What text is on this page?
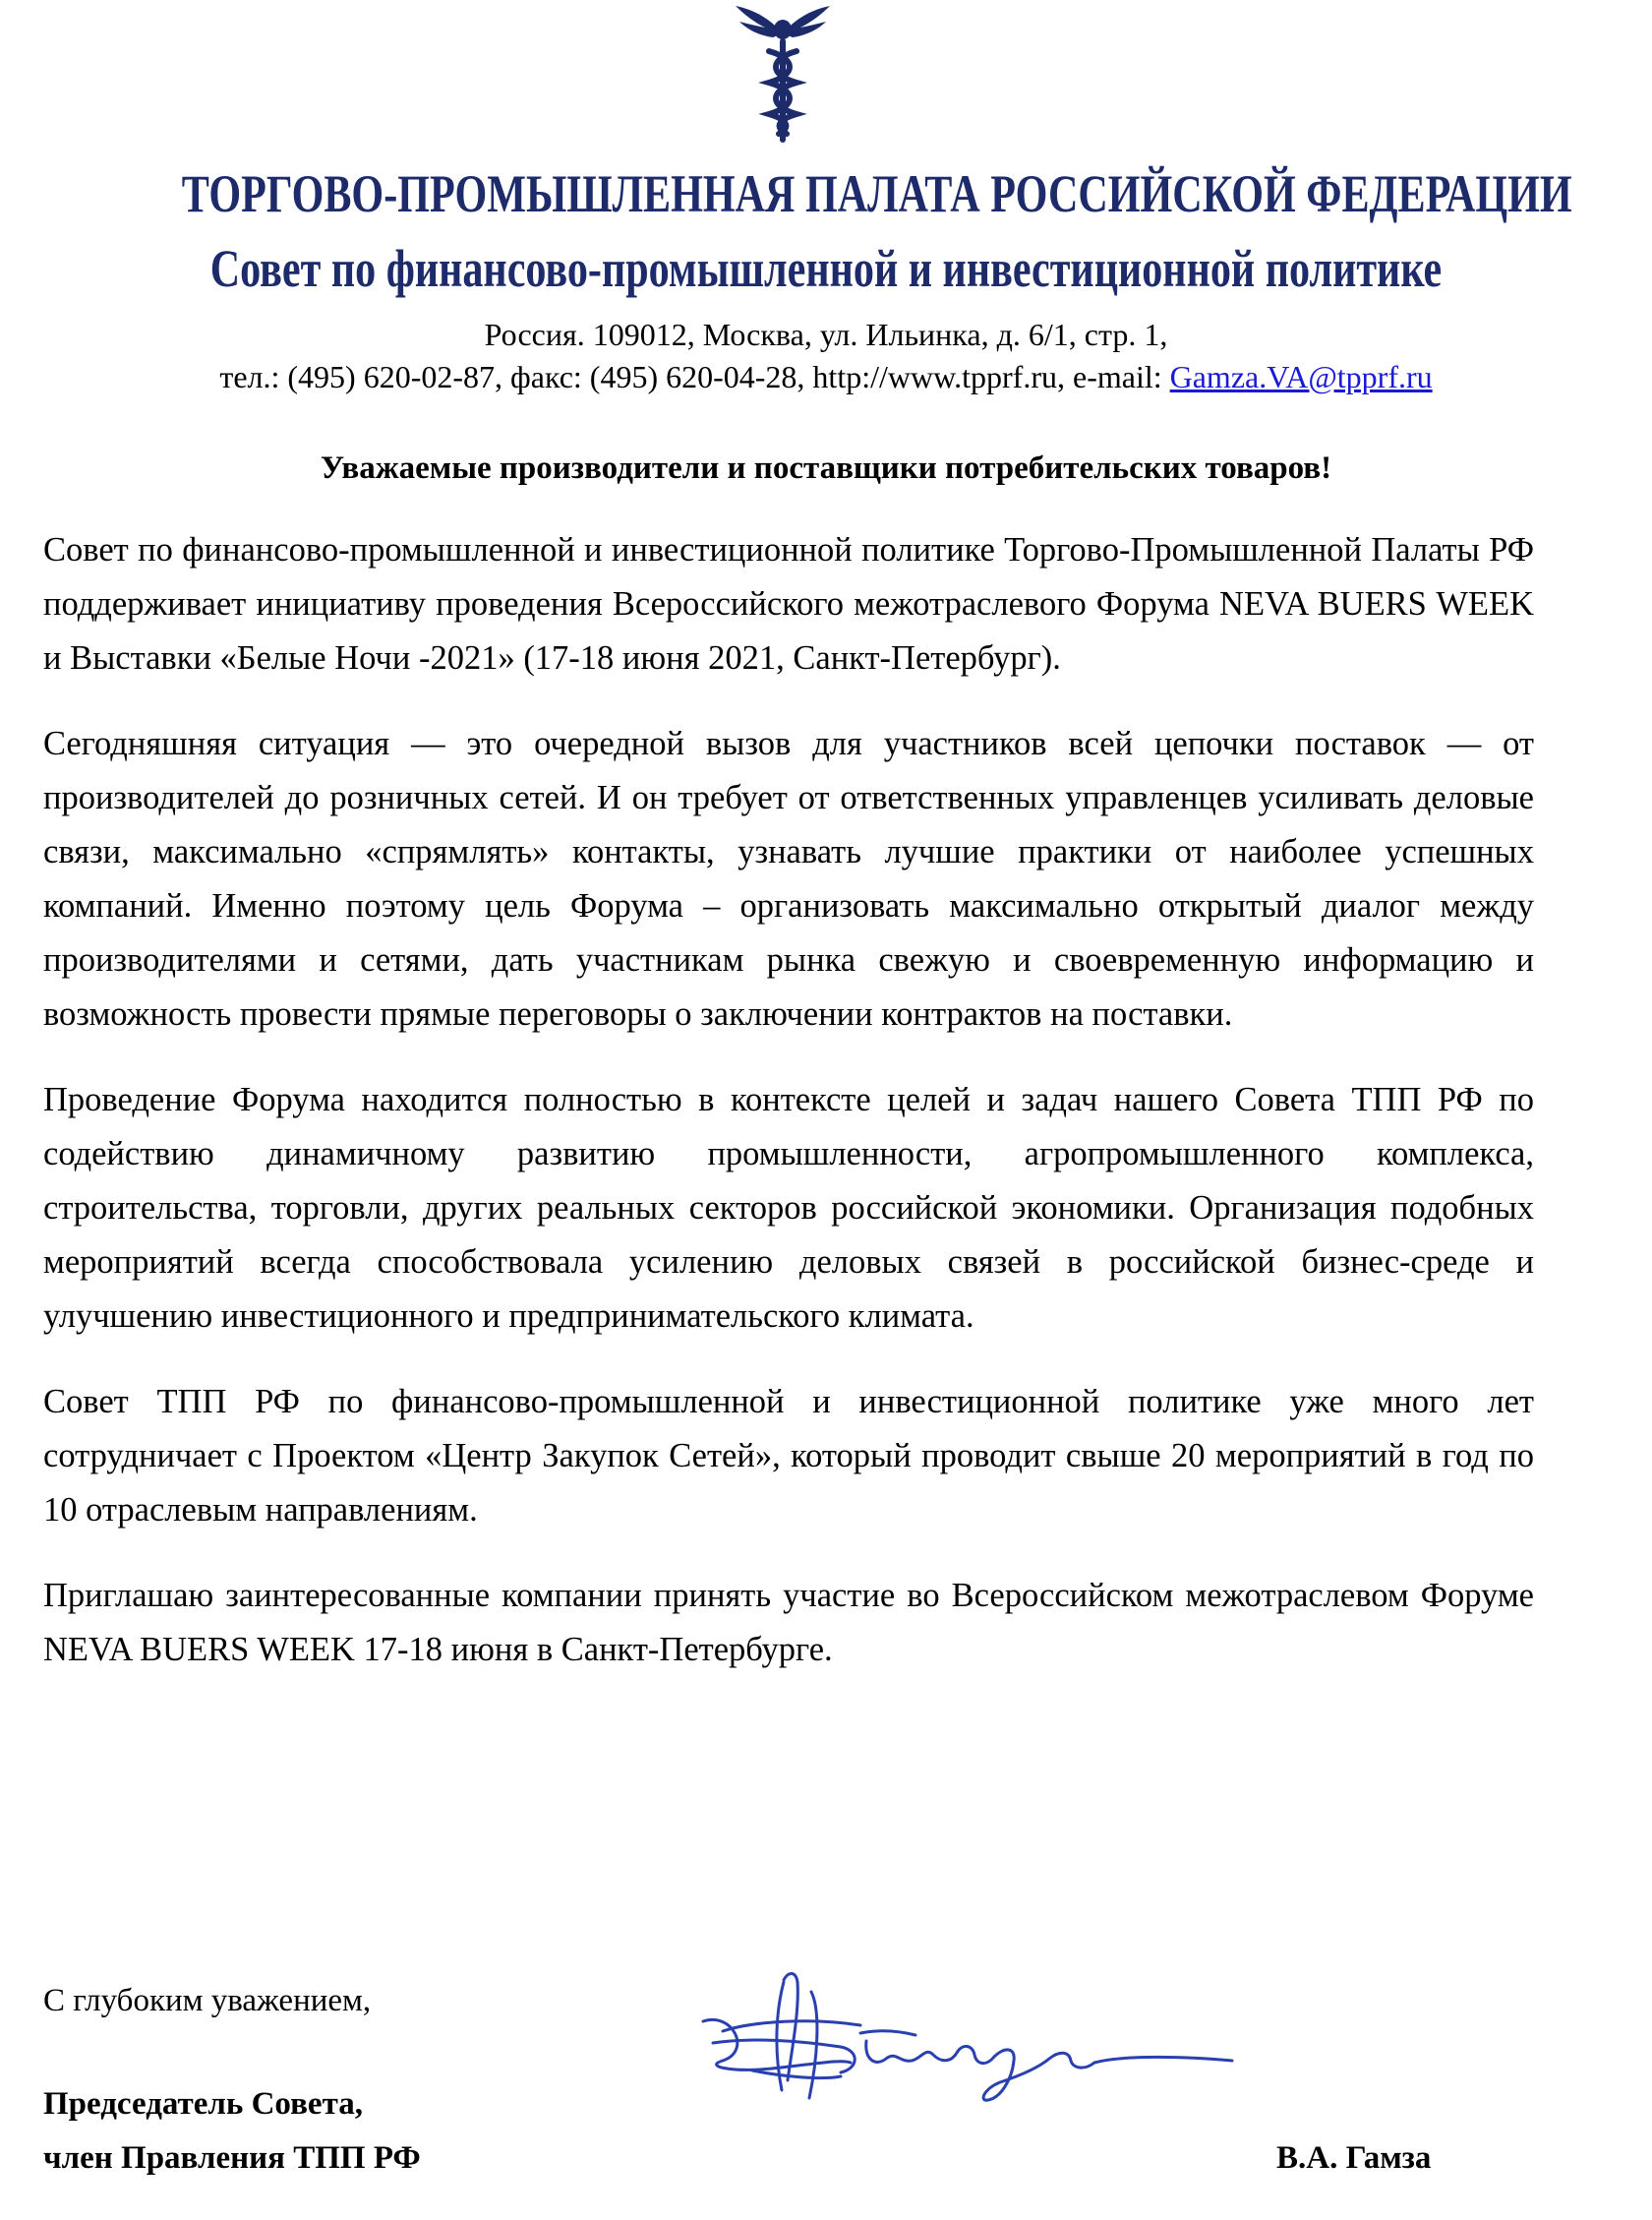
ТОРГОВО-ПРОМЫШЛЕННАЯ ПАЛАТА РОССИЙСКОЙ ФЕДЕРАЦИИ
Совет по финансово-промышленной и инвестиционной политике
Россия. 109012, Москва, ул. Ильинка, д. 6/1, стр. 1,
тел.: (495) 620-02-87, факс: (495) 620-04-28, http://www.tpprf.ru, e-mail: Gamza.VA@tpprf.ru
Уважаемые производители и поставщики потребительских товаров!

Совет по финансово-промышленной и инвестиционной политике Торгово-Промышленной Палаты РФ поддерживает инициативу проведения Всероссийского межотраслевого Форума NEVA BUERS WEEK и Выставки «Белые Ночи -2021» (17-18 июня 2021, Санкт-Петербург).

Сегодняшняя ситуация — это очередной вызов для участников всей цепочки поставок — от производителей до розничных сетей. И он требует от ответственных управленцев усиливать деловые связи, максимально «спрямлять» контакты, узнавать лучшие практики от наиболее успешных компаний. Именно поэтому цель Форума – организовать максимально открытый диалог между производителями и сетями, дать участникам рынка свежую и своевременную информацию и возможность провести прямые переговоры о заключении контрактов на поставки.

Проведение Форума находится полностью в контексте целей и задач нашего Совета ТПП РФ по содействию динамичному развитию промышленности, агропромышленного комплекса, строительства, торговли, других реальных секторов российской экономики. Организация подобных мероприятий всегда способствовала усилению деловых связей в российской бизнес-среде и улучшению инвестиционного и предпринимательского климата.

Совет ТПП РФ по финансово-промышленной и инвестиционной политике уже много лет сотрудничает с Проектом «Центр Закупок Сетей», который проводит свыше 20 мероприятий в год по 10 отраслевым направлениям.

Приглашаю заинтересованные компании принять участие во Всероссийском межотраслевом Форуме NEVA BUERS WEEK 17-18 июня в Санкт-Петербурге.

С глубоким уважением,
Председатель Совета,
член Правления ТПП РФ	В.А. Гамза
